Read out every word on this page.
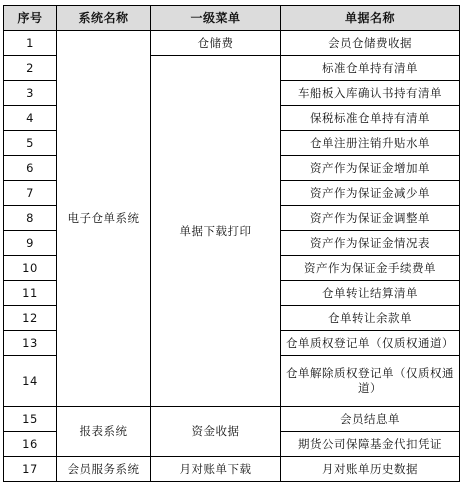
序号	系统名称	一级菜单	单据名称
1	电子仓单系统	仓储费	会员仓储费收据
2		单据下载打印	标准仓单持有清单
3			车船板入库确认书持有清单
4			保税标准仓单持有清单
5			仓单注册注销升贴水单
6			资产作为保证金增加单
7			资产作为保证金减少单
8			资产作为保证金调整单
9			资产作为保证金情况表
10			资产作为保证金手续费单
11			仓单转让结算清单
12			仓单转让余款单
13			仓单质权登记单（仅质权通道）
14			仓单解除质权登记单（仅质权通道）
15	报表系统	资金收据	会员结息单
16			期货公司保障基金代扣凭证
17	会员服务系统	月对账单下载	月对账单历史数据
